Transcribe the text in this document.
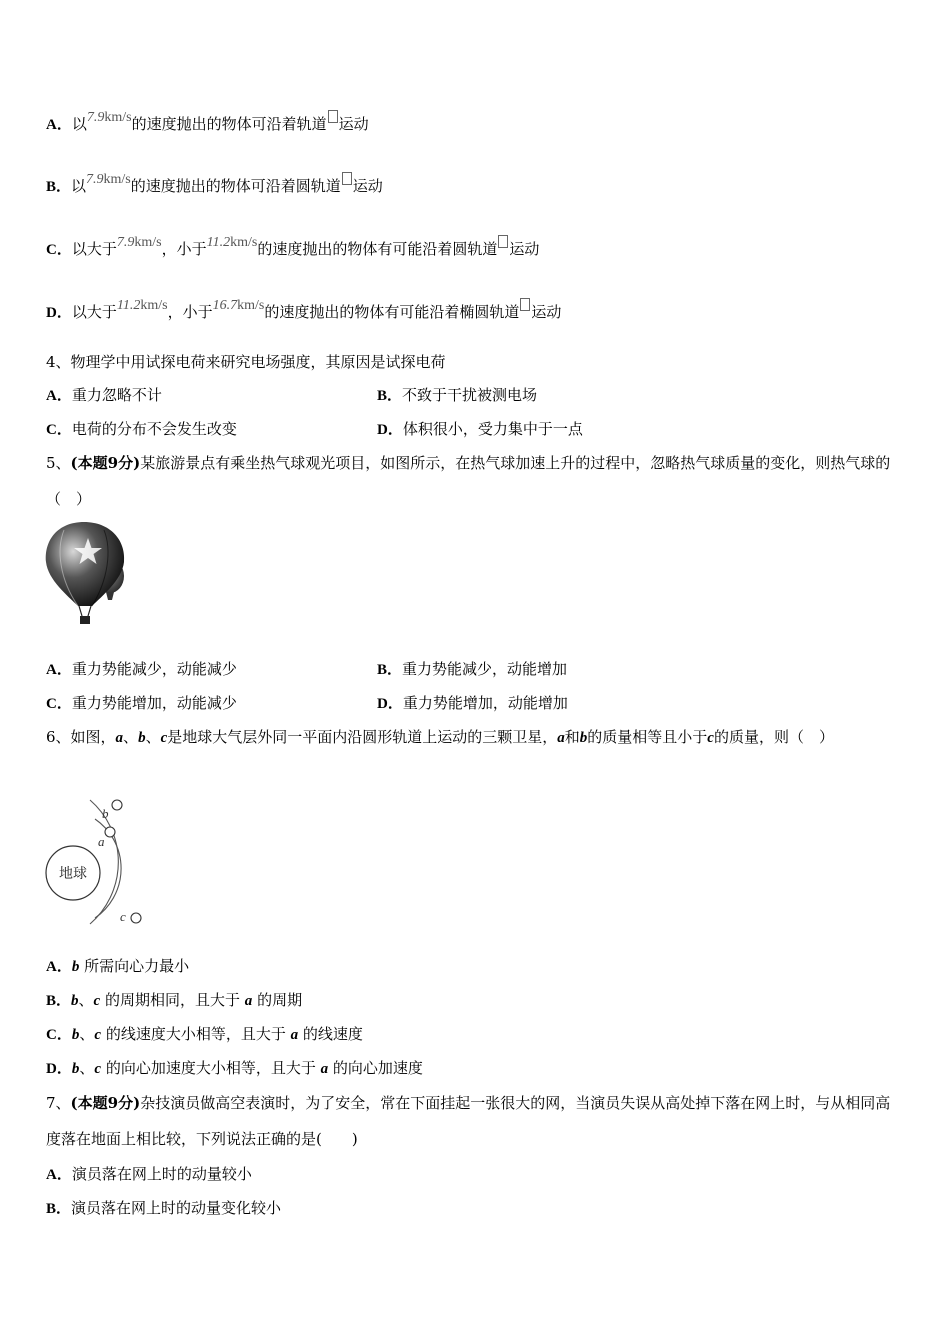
A．以7.9km/s的速度抛出的物体可沿着轨道 运动
B．以7.9km/s的速度抛出的物体可沿着圆轨道 运动
C．以大于7.9km/s，小于11.2km/s的速度抛出的物体有可能沿着圆轨道 运动
D．以大于11.2km/s，小于16.7km/s的速度抛出的物体有可能沿着椭圆轨道 运动
4、物理学中用试探电荷来研究电场强度，其原因是试探电荷
A．重力忽略不计	B．不致于干扰被测电场
C．电荷的分布不会发生改变	D．体积很小，受力集中于一点
5、(本题9分)某旅游景点有乘坐热气球观光项目，如图所示，在热气球加速上升的过程中，忽略热气球质量的变化，则热气球的（　）
A．重力势能减少，动能减少	B．重力势能减少，动能增加
C．重力势能增加，动能减少	D．重力势能增加，动能增加
6、如图，a、b、c是地球大气层外同一平面内沿圆形轨道上运动的三颗卫星，a和b的质量相等且小于c的质量，则（　）
地球
a
b
c
A．b 所需向心力最小
B．b、c 的周期相同，且大于 a 的周期
C．b、c 的线速度大小相等，且大于 a 的线速度
D．b、c 的向心加速度大小相等，且大于 a 的向心加速度
7、(本题9分)杂技演员做高空表演时，为了安全，常在下面挂起一张很大的网，当演员失误从高处掉下落在网上时，与从相同高度落在地面上相比较，下列说法正确的是(　　)
A．演员落在网上时的动量较小
B．演员落在网上时的动量变化较小
